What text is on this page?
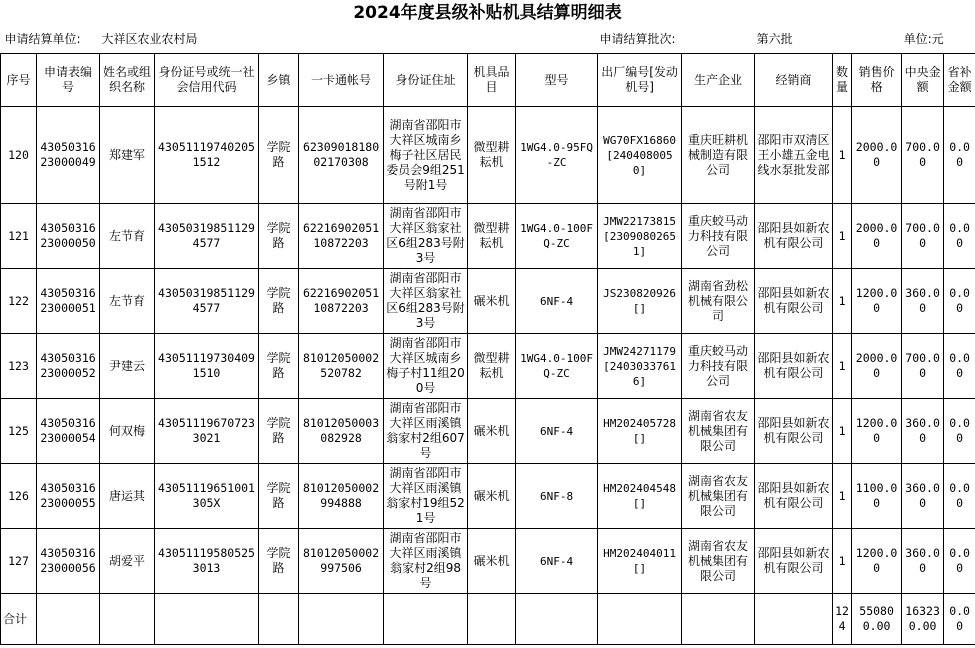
2024年度县级补贴机具结算明细表
申请结算单位:		大祥区农业农村局							申请结算批次:		第六批			单位:元	
序号	申请表编号	姓名或组织名称	身份证号或统一社会信用代码	乡镇	一卡通帐号	身份证住址	机具品目	型号	出厂编号[发动机号]	生产企业	经销商	数量	销售价格	中央金额	省补金额
120	4305031623000049	郑建军	430511197402051512	学院路	6230901818002170308	湖南省邵阳市大祥区城南乡梅子社区居民委员会9组251号附1号	微型耕耘机	1WG4.0-95FQ-ZC	WG70FX16860[2404080050]	重庆旺耕机械制造有限公司	邵阳市双清区王小雄五金电线水泵批发部	1	2000.00	700.00	0.00
121	4305031623000050	左节育	430503198511294577	学院路	6221690205110872203	湖南省邵阳市大祥区翁家社区6组283号附3号	微型耕耘机	1WG4.0-100FQ-ZC	JMW22173815[23090802651]	重庆蛟马动力科技有限公司	邵阳县如新农机有限公司	1	2000.00	700.00	0.00
122	4305031623000051	左节育	430503198511294577	学院路	6221690205110872203	湖南省邵阳市大祥区翁家社区6组283号附3号	碾米机	6NF-4	JS230820926[]	湖南省劲松机械有限公司	邵阳县如新农机有限公司	1	1200.00	360.00	0.00
123	4305031623000052	尹建云	430511197304091510	学院路	81012050002520782	湖南省邵阳市大祥区城南乡梅子村11组200号	微型耕耘机	1WG4.0-100FQ-ZC	JMW24271179[24030337616]	重庆蛟马动力科技有限公司	邵阳县如新农机有限公司	1	2000.00	700.00	0.00
125	4305031623000054	何双梅	430511196707233021	学院路	81012050003082928	湖南省邵阳市大祥区雨溪镇翁家村2组607号	碾米机	6NF-4	HM202405728[]	湖南省农友机械集团有限公司	邵阳县如新农机有限公司	1	1200.00	360.00	0.00
126	4305031623000055	唐运其	43051119651001305X	学院路	81012050002994888	湖南省邵阳市大祥区雨溪镇翁家村19组521号	碾米机	6NF-8	HM202404548[]	湖南省农友机械集团有限公司	邵阳县如新农机有限公司	1	1100.00	360.00	0.00
127	4305031623000056	胡爱平	430511195805253013	学院路	81012050002997506	湖南省邵阳市大祥区雨溪镇翁家村2组98号	碾米机	6NF-4	HM202404011[]	湖南省农友机械集团有限公司	邵阳县如新农机有限公司	1	1200.00	360.00	0.00
合计												124	550800.00	163230.00	0.00
